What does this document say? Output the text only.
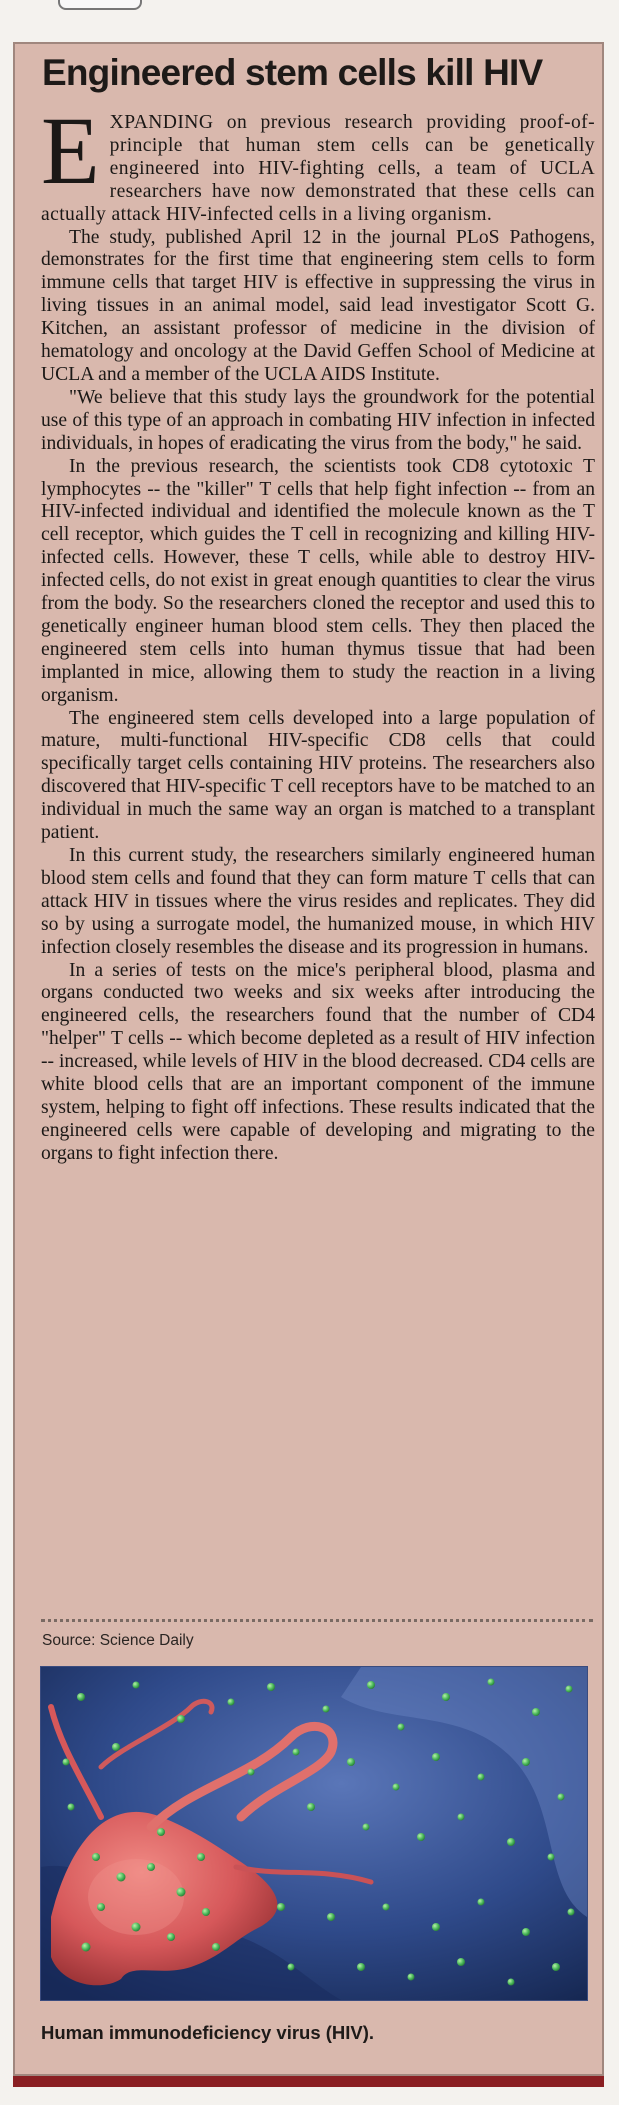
Engineered stem cells kill HIV

EXPANDING on previous research providing proof-of-principle that human stem cells can be genetically engineered into HIV-fighting cells, a team of UCLA researchers have now demonstrated that these cells can actually attack HIV-infected cells in a living organism.

The study, published April 12 in the journal PLoS Pathogens, demonstrates for the first time that engineering stem cells to form immune cells that target HIV is effective in suppressing the virus in living tissues in an animal model, said lead investigator Scott G. Kitchen, an assistant professor of medicine in the division of hematology and oncology at the David Geffen School of Medicine at UCLA and a member of the UCLA AIDS Institute.

"We believe that this study lays the groundwork for the potential use of this type of an approach in combating HIV infection in infected individuals, in hopes of eradicating the virus from the body," he said.

In the previous research, the scientists took CD8 cytotoxic T lymphocytes -- the "killer" T cells that help fight infection -- from an HIV-infected individual and identified the molecule known as the T cell receptor, which guides the T cell in recognizing and killing HIV-infected cells. However, these T cells, while able to destroy HIV-infected cells, do not exist in great enough quantities to clear the virus from the body. So the researchers cloned the receptor and used this to genetically engineer human blood stem cells. They then placed the engineered stem cells into human thymus tissue that had been implanted in mice, allowing them to study the reaction in a living organism.

The engineered stem cells developed into a large population of mature, multi-functional HIV-specific CD8 cells that could specifically target cells containing HIV proteins. The researchers also discovered that HIV-specific T cell receptors have to be matched to an individual in much the same way an organ is matched to a transplant patient.

In this current study, the researchers similarly engineered human blood stem cells and found that they can form mature T cells that can attack HIV in tissues where the virus resides and replicates. They did so by using a surrogate model, the humanized mouse, in which HIV infection closely resembles the disease and its progression in humans.

In a series of tests on the mice's peripheral blood, plasma and organs conducted two weeks and six weeks after introducing the engineered cells, the researchers found that the number of CD4 "helper" T cells -- which become depleted as a result of HIV infection -- increased, while levels of HIV in the blood decreased. CD4 cells are white blood cells that are an important component of the immune system, helping to fight off infections. These results indicated that the engineered cells were capable of developing and migrating to the organs to fight infection there.

Source: Science Daily
Human immunodeficiency virus (HIV).
